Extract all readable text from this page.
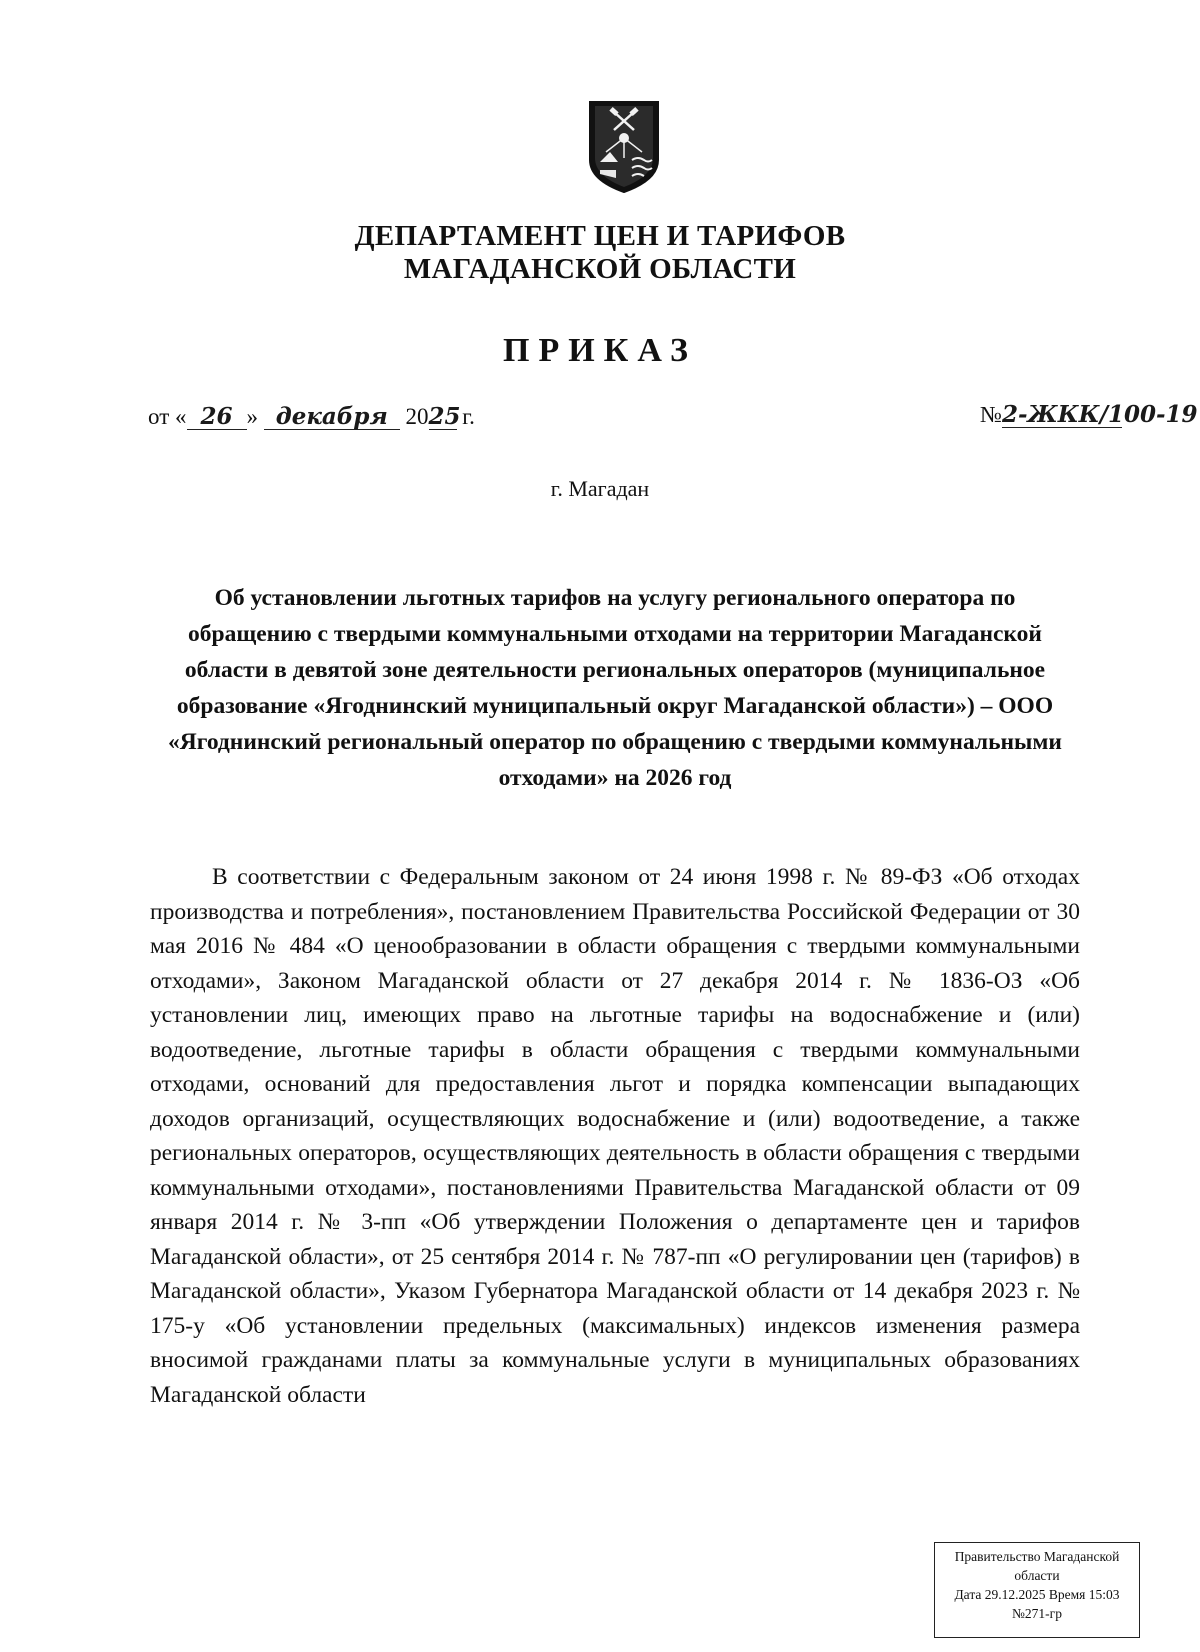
ДЕПАРТАМЕНТ ЦЕН И ТАРИФОВ
МАГАДАНСКОЙ ОБЛАСТИ
ПРИКАЗ
от « 26 » декабря 2025 г.	№2-ЖКК/100-19
г. Магадан
Об установлении льготных тарифов на услугу регионального оператора по обращению с твердыми коммунальными отходами на территории Магаданской области в девятой зоне деятельности региональных операторов (муниципальное образование «Ягоднинский муниципальный округ Магаданской области») – ООО «Ягоднинский региональный оператор по обращению с твердыми коммунальными отходами» на 2026 год
В соответствии с Федеральным законом от 24 июня 1998 г. № 89-ФЗ «Об отходах производства и потребления», постановлением Правительства Российской Федерации от 30 мая 2016 № 484 «О ценообразовании в области обращения с твердыми коммунальными отходами», Законом Магаданской области от 27 декабря 2014 г. № 1836-ОЗ «Об установлении лиц, имеющих право на льготные тарифы на водоснабжение и (или) водоотведение, льготные тарифы в области обращения с твердыми коммунальными отходами, оснований для предоставления льгот и порядка компенсации выпадающих доходов организаций, осуществляющих водоснабжение и (или) водоотведение, а также региональных операторов, осуществляющих деятельность в области обращения с твердыми коммунальными отходами», постановлениями Правительства Магаданской области от 09 января 2014 г. № 3-пп «Об утверждении Положения о департаменте цен и тарифов Магаданской области», от 25 сентября 2014 г. № 787-пп «О регулировании цен (тарифов) в Магаданской области», Указом Губернатора Магаданской области от 14 декабря 2023 г. № 175-у «Об установлении предельных (максимальных) индексов изменения размера вносимой гражданами платы за коммунальные услуги в муниципальных образованиях Магаданской области
Правительство Магаданской
области
Дата 29.12.2025 Время 15:03
№271-гр
